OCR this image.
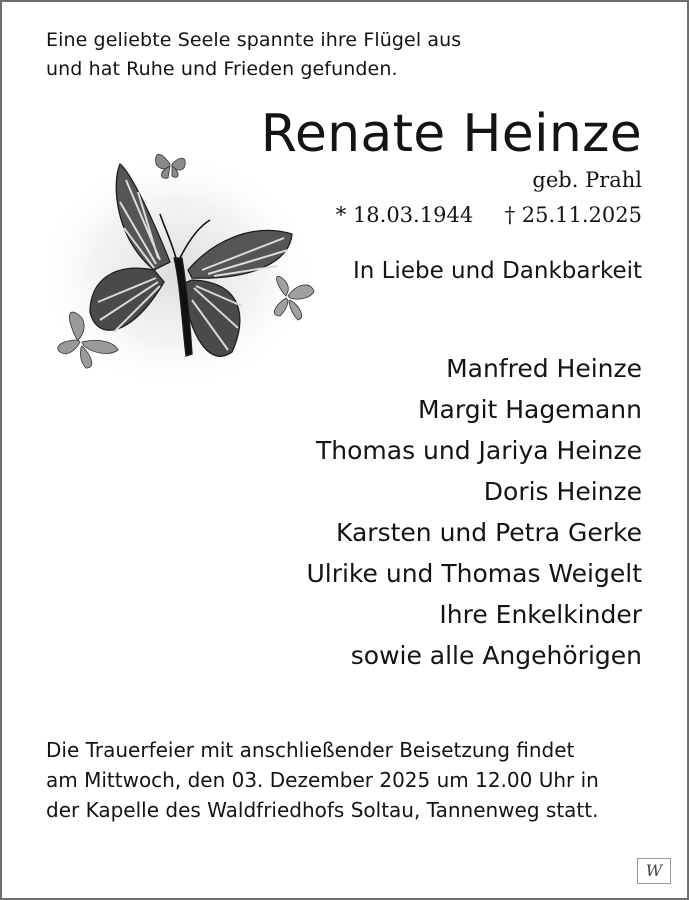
Eine geliebte Seele spannte ihre Flügel aus
und hat Ruhe und Frieden gefunden.
Renate Heinze
geb. Prahl
* 18.03.1944 † 25.11.2025
In Liebe und Dankbarkeit
Manfred Heinze
Margit Hagemann
Thomas und Jariya Heinze
Doris Heinze
Karsten und Petra Gerke
Ulrike und Thomas Weigelt
Ihre Enkelkinder
sowie alle Angehörigen
Die Trauerfeier mit anschließender Beisetzung findet
am Mittwoch, den 03. Dezember 2025 um 12.00 Uhr in
der Kapelle des Waldfriedhofs Soltau, Tannenweg statt.
W
